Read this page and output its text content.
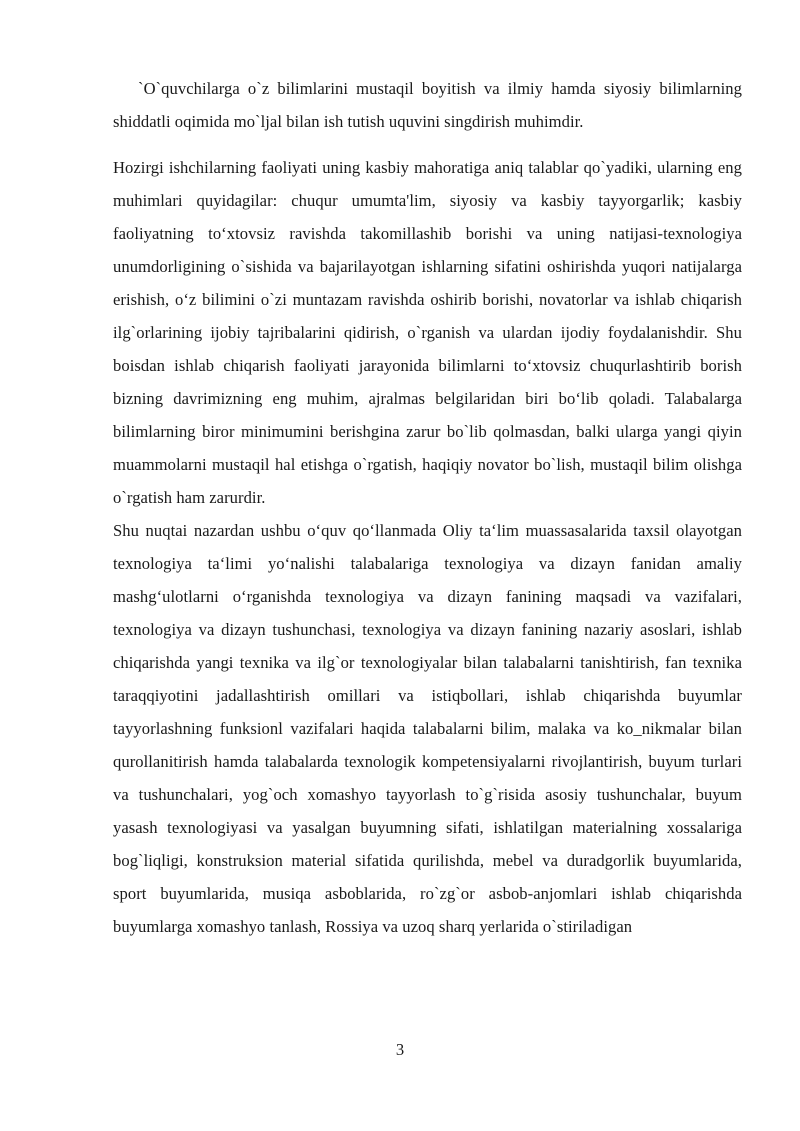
`O`quvchilarga o`z bilimlarini mustaqil boyitish va ilmiy hamda siyosiy bilimlarning shiddatli oqimida mo`ljal bilan ish tutish uquvini singdirish muhimdir.

Hozirgi ishchilarning faoliyati uning kasbiy mahoratiga aniq talablar qo`yadiki, ularning eng muhimlari quyidagilar: chuqur umumta'lim, siyosiy va kasbiy tayyorgarlik; kasbiy faoliyatning to‘xtovsiz ravishda takomillashib borishi va uning natijasi-texnologiya unumdorligining o`sishida va bajarilayotgan ishlarning sifatini oshirishda yuqori natijalarga erishish, o‘z bilimini o`zi muntazam ravishda oshirib borishi, novatorlar va ishlab chiqarish ilg`orlarining ijobiy tajribalarini qidirish, o`rganish va ulardan ijodiy foydalanishdir. Shu boisdan ishlab chiqarish faoliyati jarayonida bilimlarni to‘xtovsiz chuqurlashtirib borish bizning davrimizning eng muhim, ajralmas belgilaridan biri bo‘lib qoladi. Talabalarga bilimlarning biror minimumini berishgina zarur bo`lib qolmasdan, balki ularga yangi qiyin muammolarni mustaqil hal etishga o`rgatish, haqiqiy novator bo`lish, mustaqil bilim olishga o`rgatish ham zarurdir.

Shu nuqtai nazardan ushbu o‘quv qo‘llanmada Oliy ta‘lim muassasalarida taxsil olayotgan texnologiya ta‘limi yo‘nalishi talabalariga texnologiya va dizayn fanidan amaliy mashg‘ulotlarni o‘rganishda texnologiya va dizayn fanining maqsadi va vazifalari, texnologiya va dizayn tushunchasi, texnologiya va dizayn fanining nazariy asoslari, ishlab chiqarishda yangi texnika va ilg`or texnologiyalar bilan talabalarni tanishtirish, fan texnika taraqqiyotini jadallashtirish omillari va istiqbollari, ishlab chiqarishda buyumlar tayyorlashning funksionl vazifalari haqida talabalarni bilim, malaka va ko_nikmalar bilan qurollanitirish hamda talabalarda texnologik kompetensiyalarni rivojlantirish, buyum turlari va tushunchalari, yog`och xomashyo tayyorlash to`g`risida asosiy tushunchalar, buyum yasash texnologiyasi va yasalgan buyumning sifati, ishlatilgan materialning xossalariga bog`liqligi, konstruksion material sifatida qurilishda, mebel va duradgorlik buyumlarida, sport buyumlarida, musiqa asboblarida, ro`zg`or asbob-anjomlari ishlab chiqarishda buyumlarga xomashyo tanlash, Rossiya va uzoq sharq yerlarida o`stiriladigan

3
